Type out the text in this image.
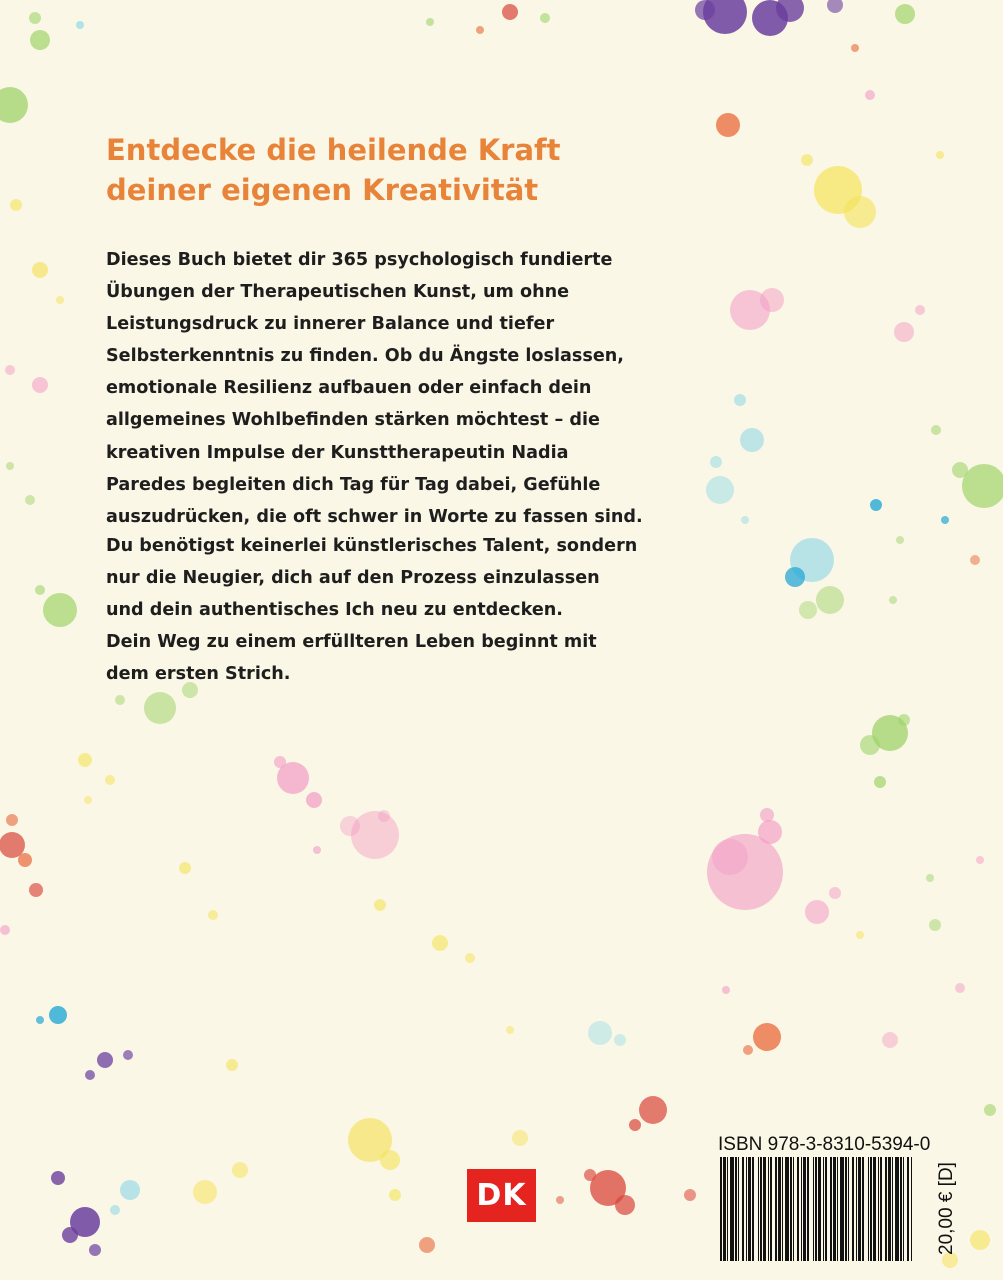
Entdecke die heilende Kraft
deiner eigenen Kreativität

Dieses Buch bietet dir 365 psychologisch fundierte
Übungen der Therapeutischen Kunst, um ohne
Leistungsdruck zu innerer Balance und tiefer
Selbsterkenntnis zu finden. Ob du Ängste loslassen,
emotionale Resilienz aufbauen oder einfach dein
allgemeines Wohlbefinden stärken möchtest – die
kreativen Impulse der Kunsttherapeutin Nadia
Paredes begleiten dich Tag für Tag dabei, Gefühle
auszudrücken, die oft schwer in Worte zu fassen sind.

Du benötigst keinerlei künstlerisches Talent, sondern
nur die Neugier, dich auf den Prozess einzulassen
und dein authentisches Ich neu zu entdecken.
Dein Weg zu einem erfüllteren Leben beginnt mit
dem ersten Strich.

DK
ISBN 978-3-8310-5394-0
20,00 € [D]
